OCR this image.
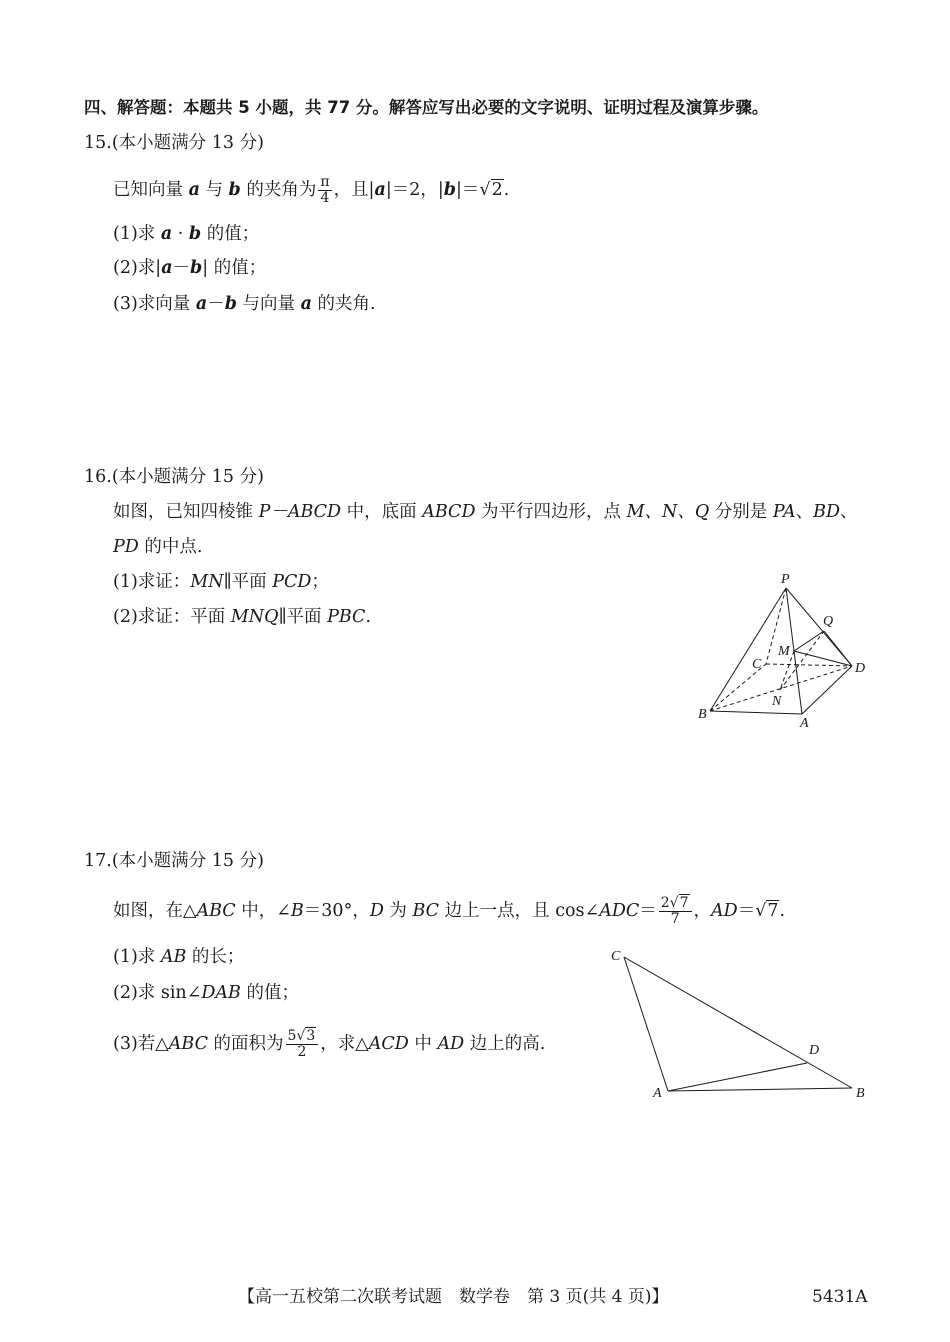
四、解答题：本题共 5 小题，共 77 分。解答应写出必要的文字说明、证明过程及演算步骤。
15.(本小题满分 13 分)
已知向量 a 与 b 的夹角为 $\frac{\pi}{4}$ ，且|a|＝2，|b|＝√2.
(1)求 a · b 的值；
(2)求|a－b| 的值；
(3)求向量 a－b 与向量 a 的夹角.
16.(本小题满分 15 分)
如图，已知四棱锥 P－ABCD 中，底面 ABCD 为平行四边形，点 M、N、Q 分别是 PA、BD、
PD 的中点.
(1)求证：MN∥平面 PCD；
(2)求证：平面 MNQ∥平面 PBC.
P
Q
M
C	D
N
B
A
17.(本小题满分 15 分)
如图，在△ABC 中，∠B＝30°，D 为 BC 边上一点，且 cos∠ADC＝ $\frac{2√7}{7}$ ，AD＝√7.
(1)求 AB 的长；
(2)求 sin∠DAB 的值；
(3)若△ABC 的面积为 $\frac{5√3}{2}$ ，求△ACD 中 AD 边上的高.
C
D
A	B
【高一五校第二次联考试题　数学卷　第 3 页(共 4 页)】	5431A
